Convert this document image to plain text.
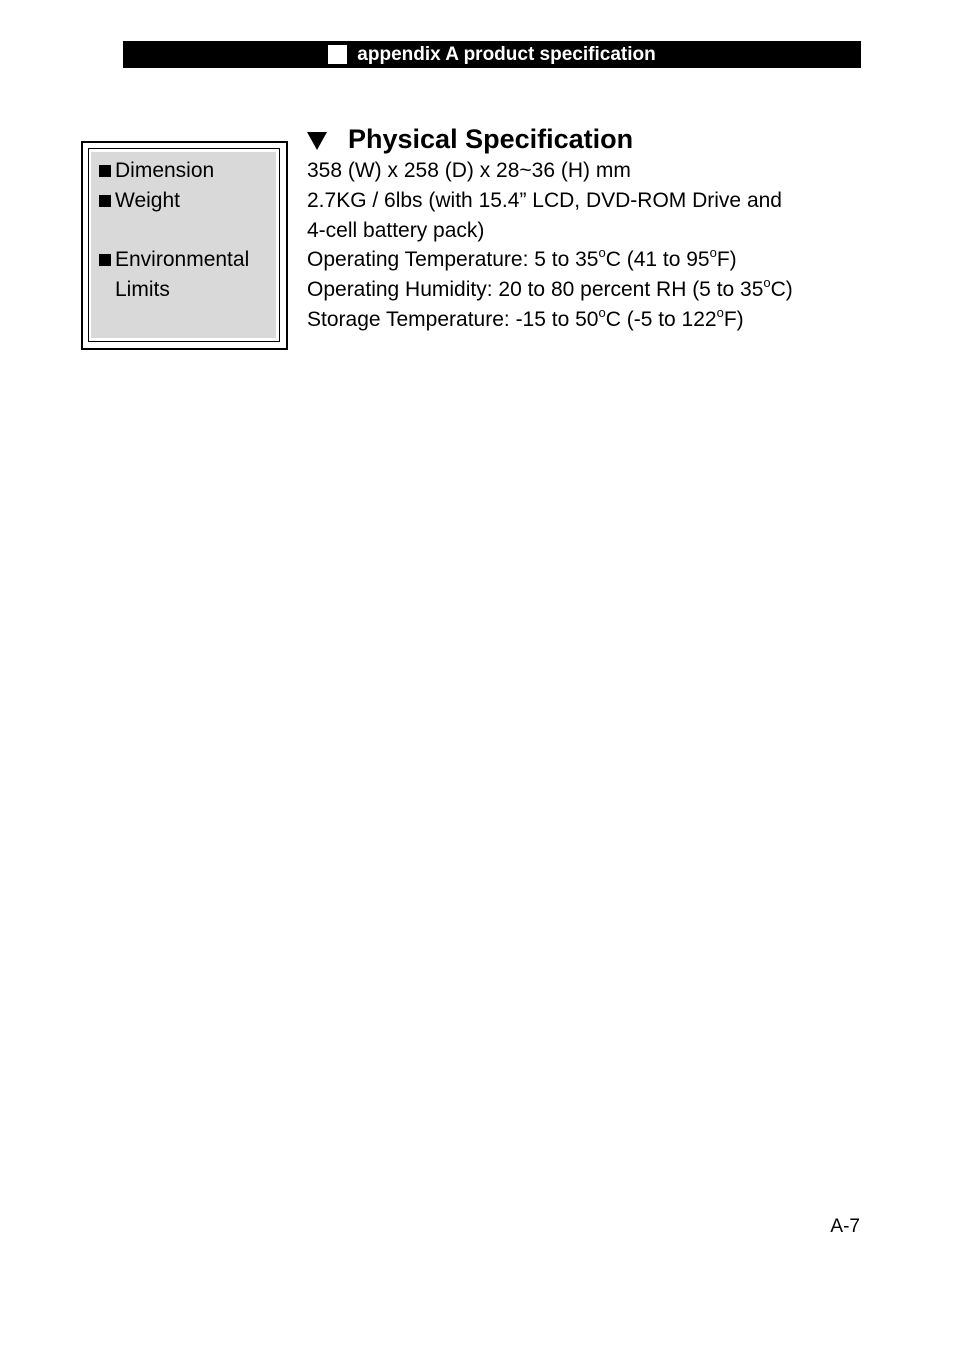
appendix A product specification
Dimension
Weight
Environmental
Limits
Physical Specification
358 (W) x 258 (D) x 28~36 (H) mm
2.7KG / 6lbs (with 15.4” LCD, DVD-ROM Drive and
4-cell battery pack)
Operating Temperature: 5 to 35$^o$C (41 to 95$^o$F)
Operating Humidity: 20 to 80 percent RH (5 to 35$^o$C)
Storage Temperature: -15 to 50$^o$C (-5 to 122$^o$F)
A-7
